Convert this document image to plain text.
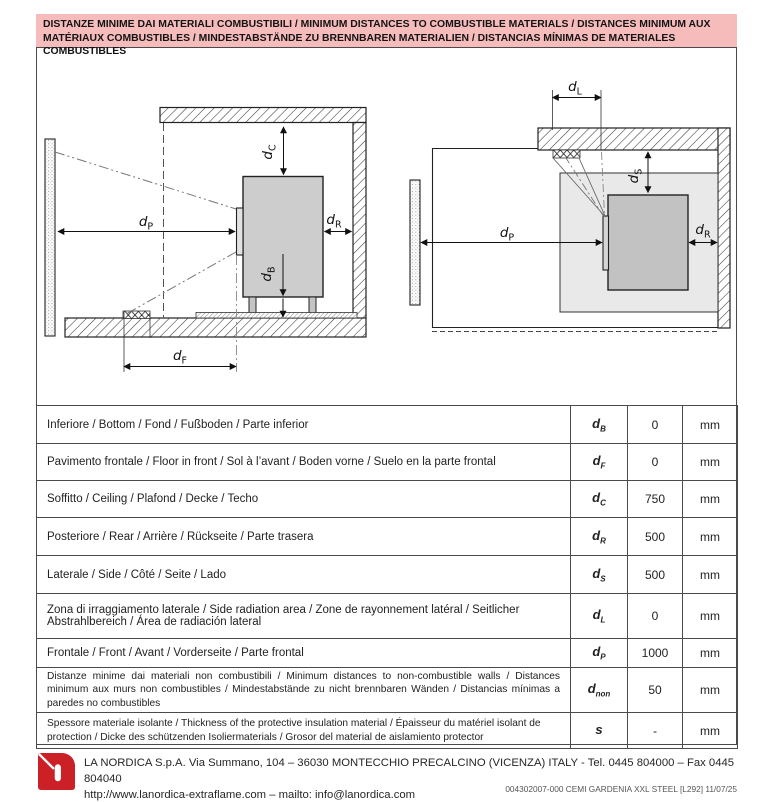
DISTANZE MINIME DAI MATERIALI COMBUSTIBILI / MINIMUM DISTANCES TO COMBUSTIBLE MATERIALS / DISTANCES MINIMUM AUX MATÉRIAUX COMBUSTIBLES / MINDESTABSTÄNDE ZU BRENNBAREN MATERIALIEN / DISTANCIAS MÍNIMAS DE MATERIALES COMBUSTIBLES
$d_C$
$d_P$	$d_R$
$d_B$
$d_F$
$d_L$
$d_S$
$d_P$	$d_R$
Inferiore / Bottom / Fond / Fußboden / Parte inferior	$d_B$	0	mm
Pavimento frontale / Floor in front / Sol à l’avant / Boden vorne / Suelo en la parte frontal	$d_F$	0	mm
Soffitto / Ceiling / Plafond / Decke / Techo	$d_C$	750	mm
Posteriore / Rear / Arrière / Rückseite / Parte trasera	$d_R$	500	mm
Laterale / Side / Côté / Seite / Lado	$d_S$	500	mm
Zona di irraggiamento laterale / Side radiation area / Zone de rayonnement latéral / Seitlicher Abstrahlbereich / Área de radiación lateral	$d_L$	0	mm
Frontale / Front / Avant / Vorderseite / Parte frontal	$d_P$	1000	mm
Distanze minime dai materiali non combustibili / Minimum distances to non-combustible walls / Distances minimum aux murs non combustibles / Mindestabstände zu nicht brennbaren Wänden / Distancias mínimas a paredes no combustibles	$d_{non}$	50	mm
Spessore materiale isolante / Thickness of the protective insulation material / Épaisseur du matériel isolant de protection / Dicke des schützenden Isoliermaterials / Grosor del material de aislamiento protector	s	-	mm
LA NORDICA S.p.A. Via Summano, 104 – 36030 MONTECCHIO PRECALCINO (VICENZA) ITALY - Tel. 0445 804000 – Fax 0445 804040
http://www.lanordica-extraflame.com – mailto: info@lanordica.com
004302007-000 CEMI GARDENIA XXL STEEL [L292] 11/07/25
